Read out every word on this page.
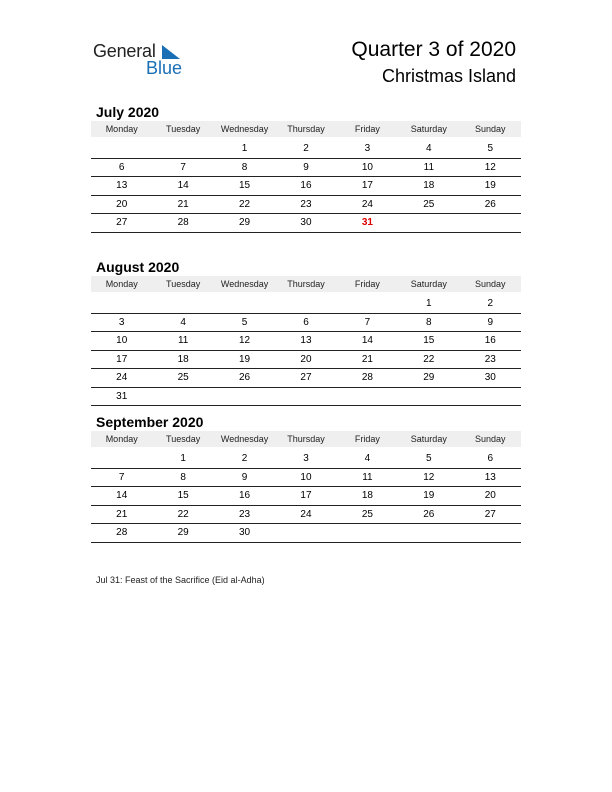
General
Blue
Quarter 3 of 2020
Christmas Island
July 2020
Monday	Tuesday	Wednesday	Thursday	Friday	Saturday	Sunday

		1	2	3	4	5
6	7	8	9	10	11	12
13	14	15	16	17	18	19
20	21	22	23	24	25	26
27	28	29	30	31		
August 2020
Monday	Tuesday	Wednesday	Thursday	Friday	Saturday	Sunday

					1	2
3	4	5	6	7	8	9
10	11	12	13	14	15	16
17	18	19	20	21	22	23
24	25	26	27	28	29	30
31						
September 2020
Monday	Tuesday	Wednesday	Thursday	Friday	Saturday	Sunday

	1	2	3	4	5	6
7	8	9	10	11	12	13
14	15	16	17	18	19	20
21	22	23	24	25	26	27
28	29	30				
Jul 31: Feast of the Sacrifice (Eid al-Adha)
